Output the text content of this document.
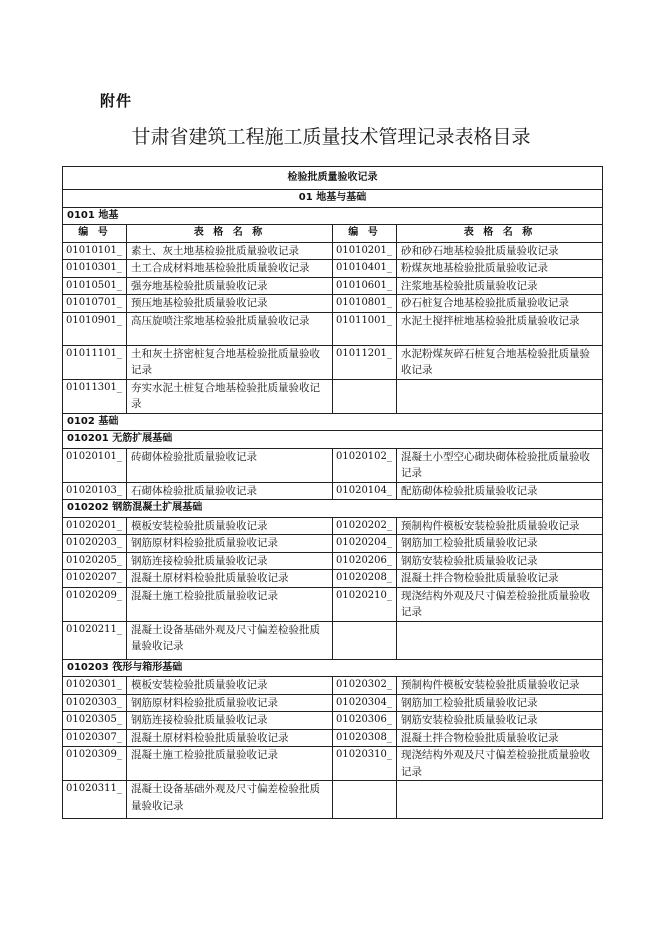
附件
甘肃省建筑工程施工质量技术管理记录表格目录
检验批质量验收记录			
01 地基与基础			
0101 地基			
编 号	表 格 名 称	编 号	表 格 名 称
01010101_	素土、灰土地基检验批质量验收记录	01010201_	砂和砂石地基检验批质量验收记录
01010301_	土工合成材料地基检验批质量验收记录	01010401_	粉煤灰地基检验批质量验收记录
01010501_	强夯地基检验批质量验收记录	01010601_	注浆地基检验批质量验收记录
01010701_	预压地基检验批质量验收记录	01010801_	砂石桩复合地基检验批质量验收记录
01010901_	高压旋喷注浆地基检验批质量验收记录	01011001_	水泥土搅拌桩地基检验批质量验收记录
01011101_	土和灰土挤密桩复合地基检验批质量验收记录	01011201_	水泥粉煤灰碎石桩复合地基检验批质量验收记录
01011301_	夯实水泥土桩复合地基检验批质量验收记录		
0102 基础			
010201 无筋扩展基础			
01020101_	砖砌体检验批质量验收记录	01020102_	混凝土小型空心砌块砌体检验批质量验收记录
01020103_	石砌体检验批质量验收记录	01020104_	配筋砌体检验批质量验收记录
010202 钢筋混凝土扩展基础			
01020201_	模板安装检验批质量验收记录	01020202_	预制构件模板安装检验批质量验收记录
01020203_	钢筋原材料检验批质量验收记录	01020204_	钢筋加工检验批质量验收记录
01020205_	钢筋连接检验批质量验收记录	01020206_	钢筋安装检验批质量验收记录
01020207_	混凝土原材料检验批质量验收记录	01020208_	混凝土拌合物检验批质量验收记录
01020209_	混凝土施工检验批质量验收记录	01020210_	现浇结构外观及尺寸偏差检验批质量验收记录
01020211_	混凝土设备基础外观及尺寸偏差检验批质量验收记录		
010203 筏形与箱形基础			
01020301_	模板安装检验批质量验收记录	01020302_	预制构件模板安装检验批质量验收记录
01020303_	钢筋原材料检验批质量验收记录	01020304_	钢筋加工检验批质量验收记录
01020305_	钢筋连接检验批质量验收记录	01020306_	钢筋安装检验批质量验收记录
01020307_	混凝土原材料检验批质量验收记录	01020308_	混凝土拌合物检验批质量验收记录
01020309_	混凝土施工检验批质量验收记录	01020310_	现浇结构外观及尺寸偏差检验批质量验收记录
01020311_	混凝土设备基础外观及尺寸偏差检验批质量验收记录		
